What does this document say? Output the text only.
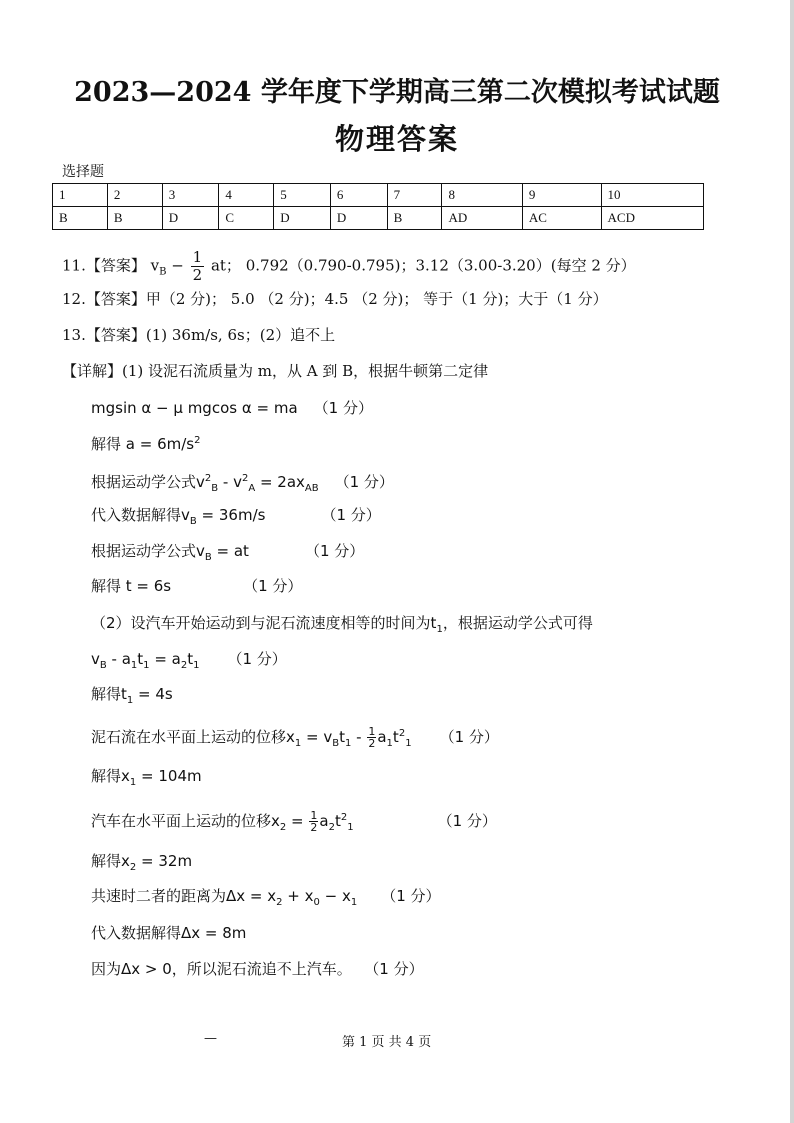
2023—2024 学年度下学期高三第二次模拟考试试题
物理答案
选择题
1	2	3	4	5	6	7	8	9	10
B	B	D	C	D	D	B	AD	AC	ACD
11.【答案】 $v_B - \frac{1}{2}$ at； 0.792（0.790-0.795)；3.12（3.00-3.20）(每空 2 分）
12.【答案】甲（2 分)； 5.0 （2 分)；4.5 （2 分)； 等于（1 分)；大于（1 分）
13.【答案】(1) 36m/s, 6s；(2）追不上
【详解】(1) 设泥石流质量为 m，从 A 到 B，根据牛顿第二定律
mgsin α − μ mgcos α = ma （1 分）
解得 $a = 6m/s^2$
根据运动学公式$v^2_B - v^2_A = 2ax_{AB}$ （1 分）
代入数据解得$v_B = 36m/s$	（1 分）
根据运动学公式$v_B$ = at	（1 分）
解得 t = 6s	（1 分）
（2）设汽车开始运动到与泥石流速度相等的时间为$t_1$，根据运动学公式可得
$v_B - a_1t_1 = a_2t_1$ （1 分）
解得$t_1 = 4s$
泥石流在水平面上运动的位移$x_1 = v_Bt_1 - \frac{1}{2} a_1t^2_1$ （1 分）
解得$x_1 = 104m$
汽车在水平面上运动的位移$x_2 = \frac{1}{2} a_2t^2_1$	（1 分）
解得$x_2 = 32m$
共速时二者的距离为$\Delta x = x_2 + x_0 - x_1$ （1 分）
代入数据解得Δx = 8m
因为Δx > 0，所以泥石流追不上汽车。 （1 分）
—	第 1 页 共 4 页
